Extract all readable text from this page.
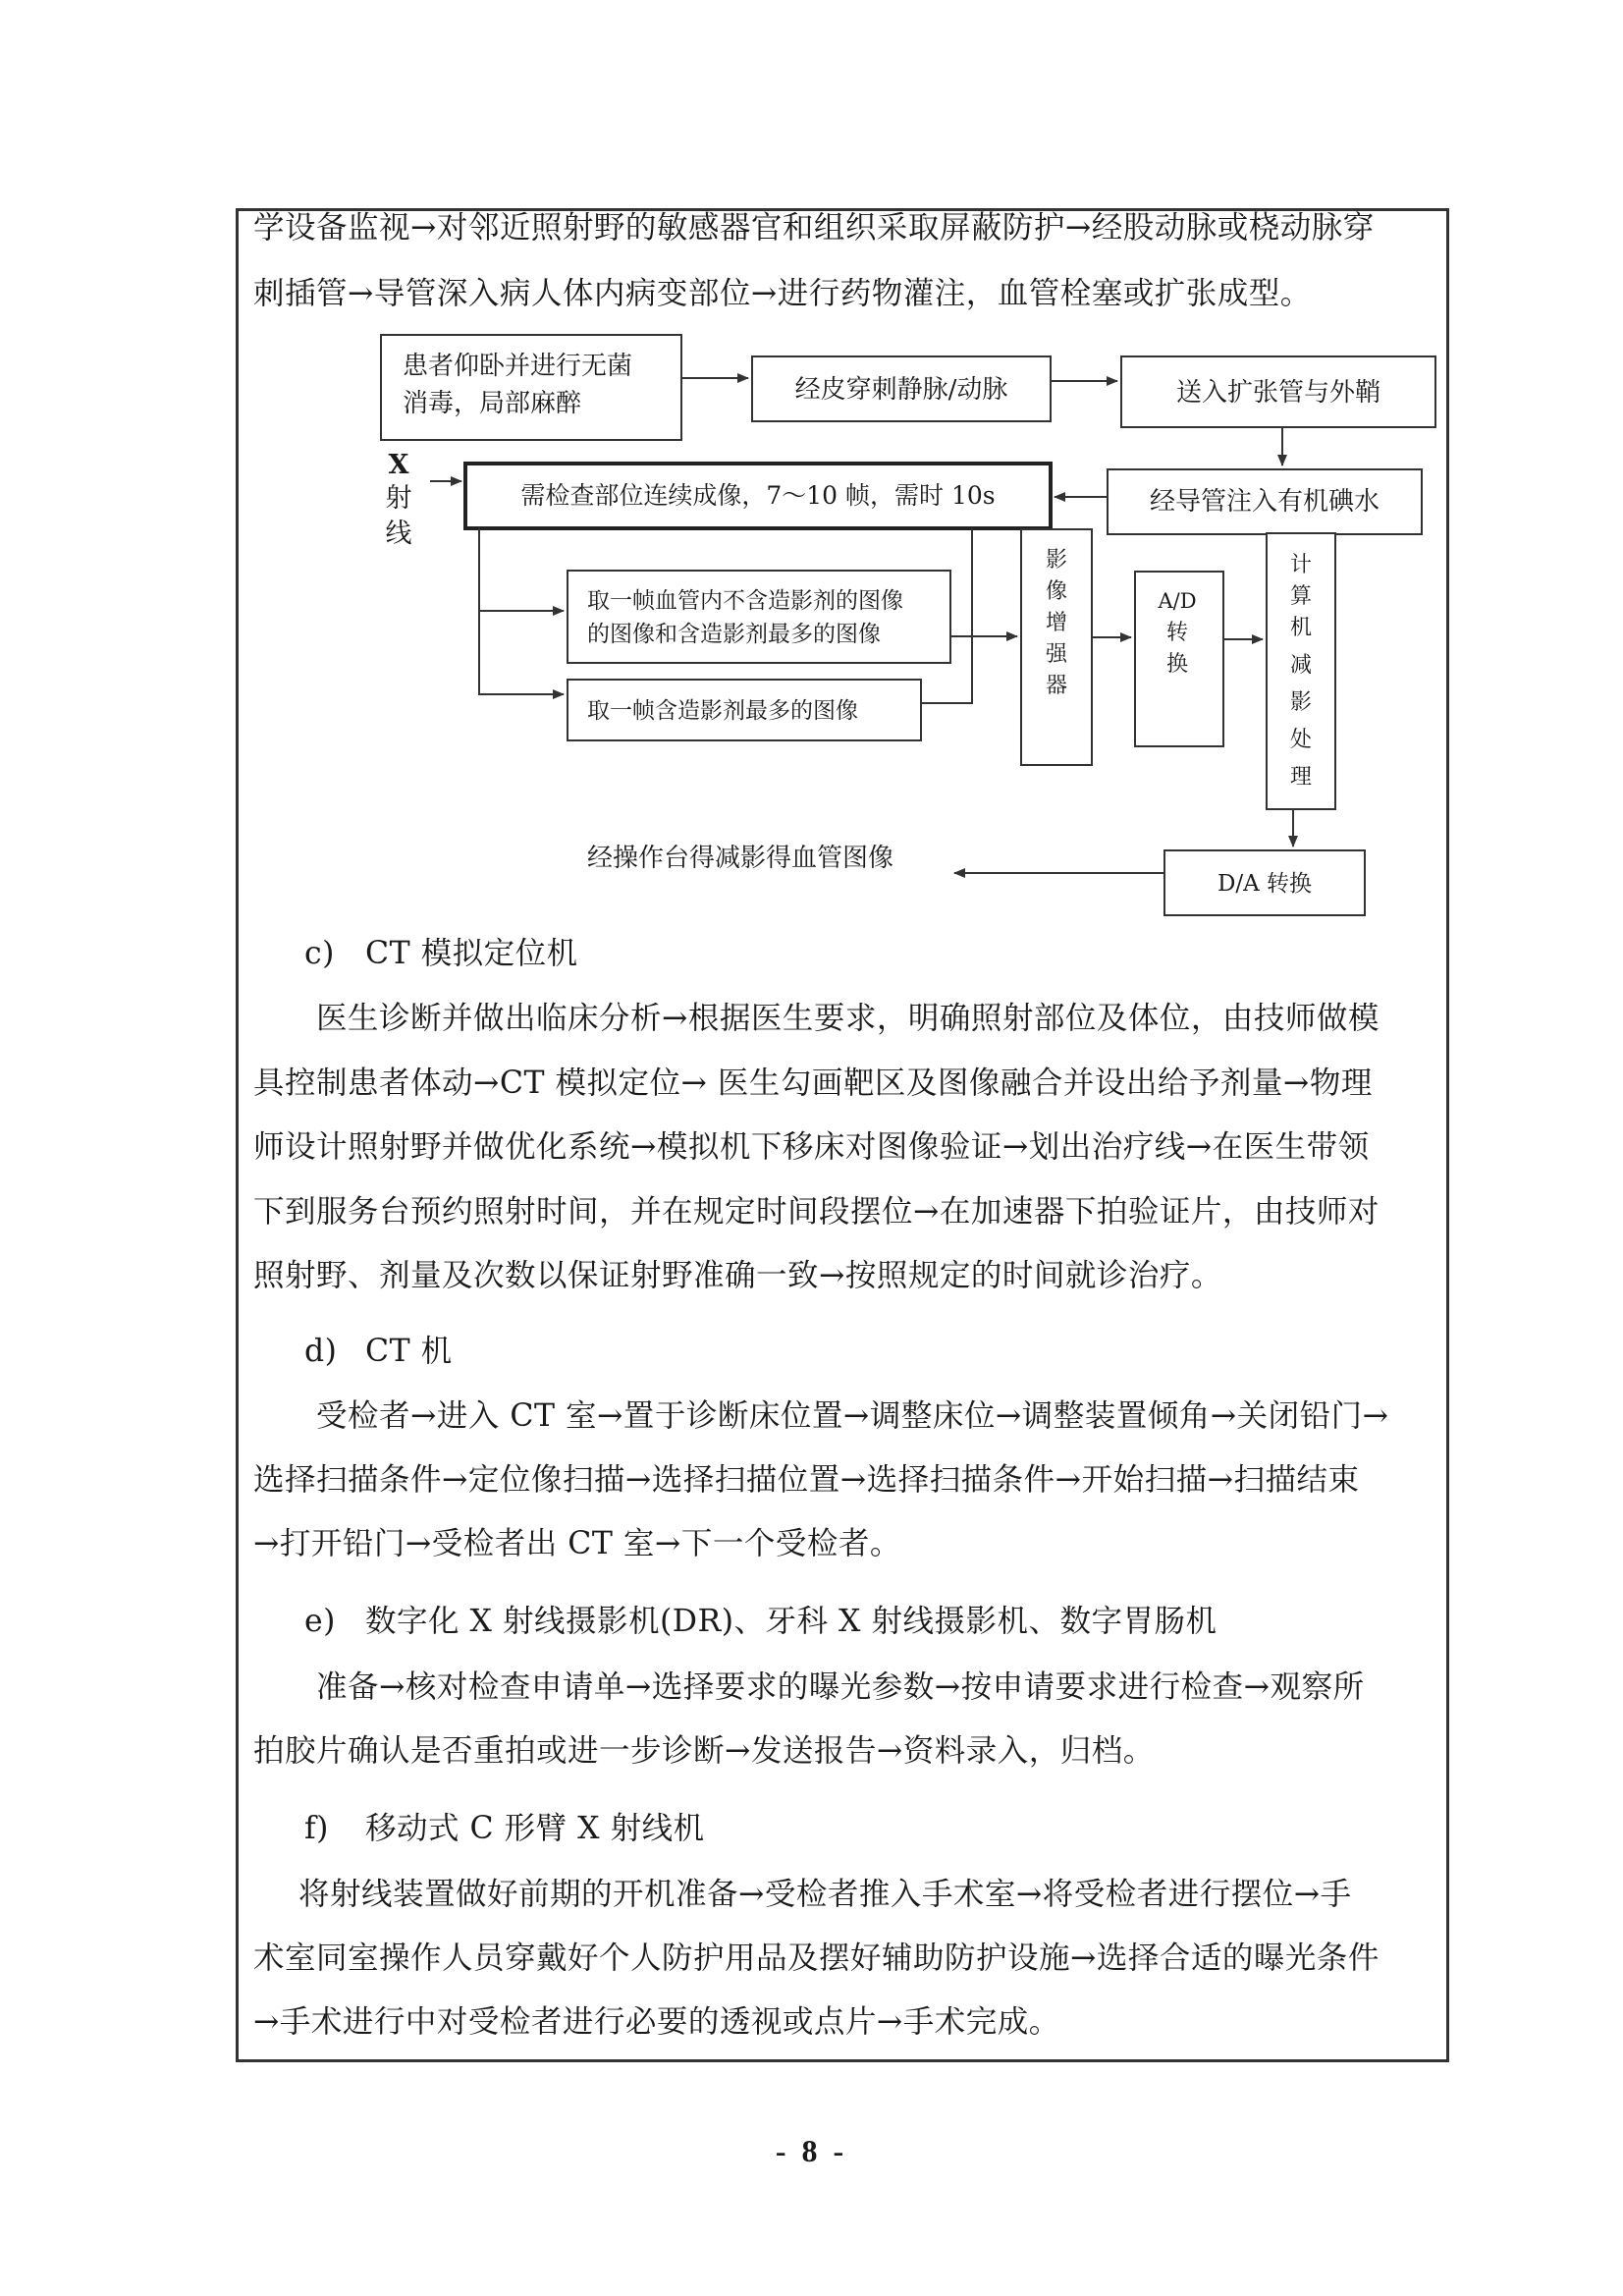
学设备监视→对邻近照射野的敏感器官和组织采取屏蔽防护→经股动脉或桡动脉穿
刺插管→导管深入病人体内病变部位→进行药物灌注，血管栓塞或扩张成型。
患者仰卧并进行无菌
消毒，局部麻醉	经皮穿刺静脉/动脉	送入扩张管与外鞘
经导管注入有机碘水
需检查部位连续成像，7～10 帧，需时 10s
X
射
线
取一帧血管内不含造影剂的图像
的图像和含造影剂最多的图像
取一帧含造影剂最多的图像
影
像
增
强
器
A/D
转
换
计
算
机
减
影
处
理
D/A 转换
经操作台得减影得血管图像
c) CT 模拟定位机
医生诊断并做出临床分析→根据医生要求，明确照射部位及体位，由技师做模
具控制患者体动→CT 模拟定位→ 医生勾画靶区及图像融合并设出给予剂量→物理
师设计照射野并做优化系统→模拟机下移床对图像验证→划出治疗线→在医生带领
下到服务台预约照射时间，并在规定时间段摆位→在加速器下拍验证片，由技师对
照射野、剂量及次数以保证射野准确一致→按照规定的时间就诊治疗。
d) CT 机
受检者→进入 CT 室→置于诊断床位置→调整床位→调整装置倾角→关闭铅门→
选择扫描条件→定位像扫描→选择扫描位置→选择扫描条件→开始扫描→扫描结束
→打开铅门→受检者出 CT 室→下一个受检者。
e) 数字化 X 射线摄影机(DR)、牙科 X 射线摄影机、数字胃肠机
准备→核对检查申请单→选择要求的曝光参数→按申请要求进行检查→观察所
拍胶片确认是否重拍或进一步诊断→发送报告→资料录入，归档。
f) 移动式 C 形臂 X 射线机
将射线装置做好前期的开机准备→受检者推入手术室→将受检者进行摆位→手
术室同室操作人员穿戴好个人防护用品及摆好辅助防护设施→选择合适的曝光条件
→手术进行中对受检者进行必要的透视或点片→手术完成。
- 8 -
